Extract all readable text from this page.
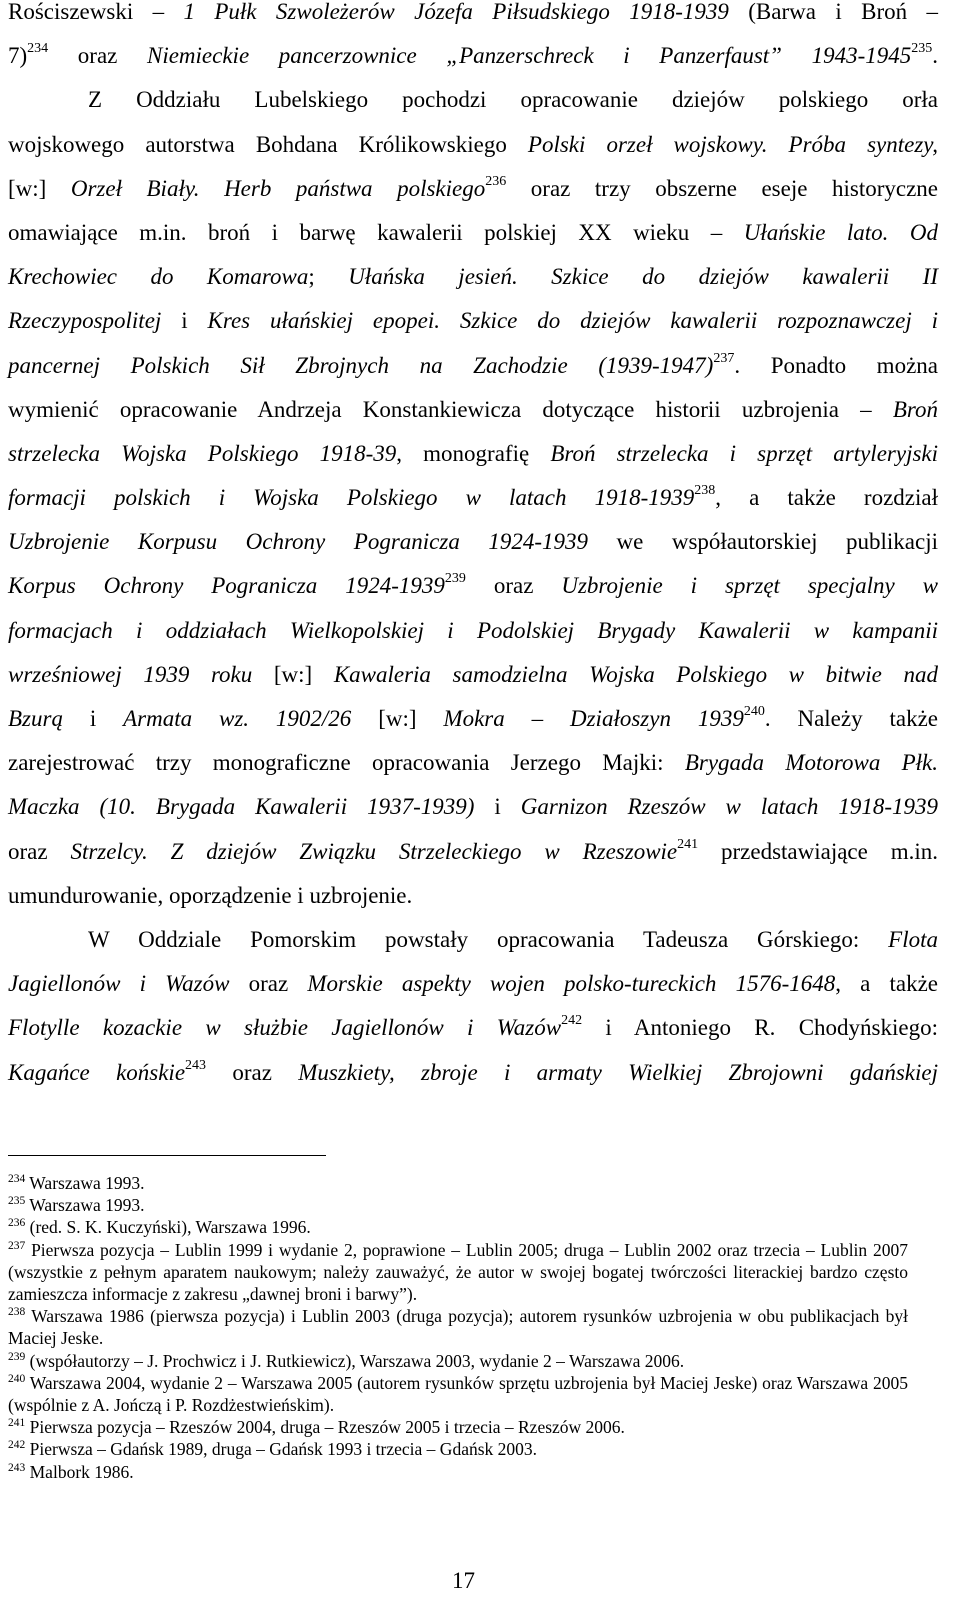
Rościszewski – 1 Pułk Szwoleżerów Józefa Piłsudskiego 1918-1939 (Barwa i Broń –
7)$^{234}$ oraz Niemieckie pancerzownice „Panzerschreck i Panzerfaust” 1943-1945$^{235}$.
Z Oddziału Lubelskiego pochodzi opracowanie dziejów polskiego orła
wojskowego autorstwa Bohdana Królikowskiego Polski orzeł wojskowy. Próba syntezy,
[w:] Orzeł Biały. Herb państwa polskiego$^{236}$ oraz trzy obszerne eseje historyczne
omawiające m.in. broń i barwę kawalerii polskiej XX wieku – Ułańskie lato. Od
Krechowiec do Komarowa; Ułańska jesień. Szkice do dziejów kawalerii II
Rzeczypospolitej i Kres ułańskiej epopei. Szkice do dziejów kawalerii rozpoznawczej i
pancernej Polskich Sił Zbrojnych na Zachodzie (1939-1947)$^{237}$. Ponadto można
wymienić opracowanie Andrzeja Konstankiewicza dotyczące historii uzbrojenia – Broń
strzelecka Wojska Polskiego 1918-39, monografię Broń strzelecka i sprzęt artyleryjski
formacji polskich i Wojska Polskiego w latach 1918-1939$^{238}$, a także rozdział
Uzbrojenie Korpusu Ochrony Pogranicza 1924-1939 we współautorskiej publikacji
Korpus Ochrony Pogranicza 1924-1939$^{239}$ oraz Uzbrojenie i sprzęt specjalny w
formacjach i oddziałach Wielkopolskiej i Podolskiej Brygady Kawalerii w kampanii
wrześniowej 1939 roku [w:] Kawaleria samodzielna Wojska Polskiego w bitwie nad
Bzurą i Armata wz. 1902/26 [w:] Mokra – Działoszyn 1939$^{240}$. Należy także
zarejestrować trzy monograficzne opracowania Jerzego Majki: Brygada Motorowa Płk.
Maczka (10. Brygada Kawalerii 1937-1939) i Garnizon Rzeszów w latach 1918-1939
oraz Strzelcy. Z dziejów Związku Strzeleckiego w Rzeszowie$^{241}$ przedstawiające m.in.
umundurowanie, oporządzenie i uzbrojenie.
W Oddziale Pomorskim powstały opracowania Tadeusza Górskiego: Flota
Jagiellonów i Wazów oraz Morskie aspekty wojen polsko-tureckich 1576-1648, a także
Flotylle kozackie w służbie Jagiellonów i Wazów$^{242}$ i Antoniego R. Chodyńskiego:
Kagańce końskie$^{243}$ oraz Muszkiety, zbroje i armaty Wielkiej Zbrojowni gdańskiej
$^{234}$ Warszawa 1993.
$^{235}$ Warszawa 1993.
$^{236}$ (red. S. K. Kuczyński), Warszawa 1996.
$^{237}$ Pierwsza pozycja – Lublin 1999 i wydanie 2, poprawione – Lublin 2005; druga – Lublin 2002 oraz trzecia – Lublin 2007 (wszystkie z pełnym aparatem naukowym; należy zauważyć, że autor w swojej bogatej twórczości literackiej bardzo często zamieszcza informacje z zakresu „dawnej broni i barwy”).
$^{238}$ Warszawa 1986 (pierwsza pozycja) i Lublin 2003 (druga pozycja); autorem rysunków uzbrojenia w obu publikacjach był Maciej Jeske.
$^{239}$ (współautorzy – J. Prochwicz i J. Rutkiewicz), Warszawa 2003, wydanie 2 – Warszawa 2006.
$^{240}$ Warszawa 2004, wydanie 2 – Warszawa 2005 (autorem rysunków sprzętu uzbrojenia był Maciej Jeske) oraz Warszawa 2005 (wspólnie z A. Jończą i P. Rozdżestwieńskim).
$^{241}$ Pierwsza pozycja – Rzeszów 2004, druga – Rzeszów 2005 i trzecia – Rzeszów 2006.
$^{242}$ Pierwsza – Gdańsk 1989, druga – Gdańsk 1993 i trzecia – Gdańsk 2003.
$^{243}$ Malbork 1986.
17
